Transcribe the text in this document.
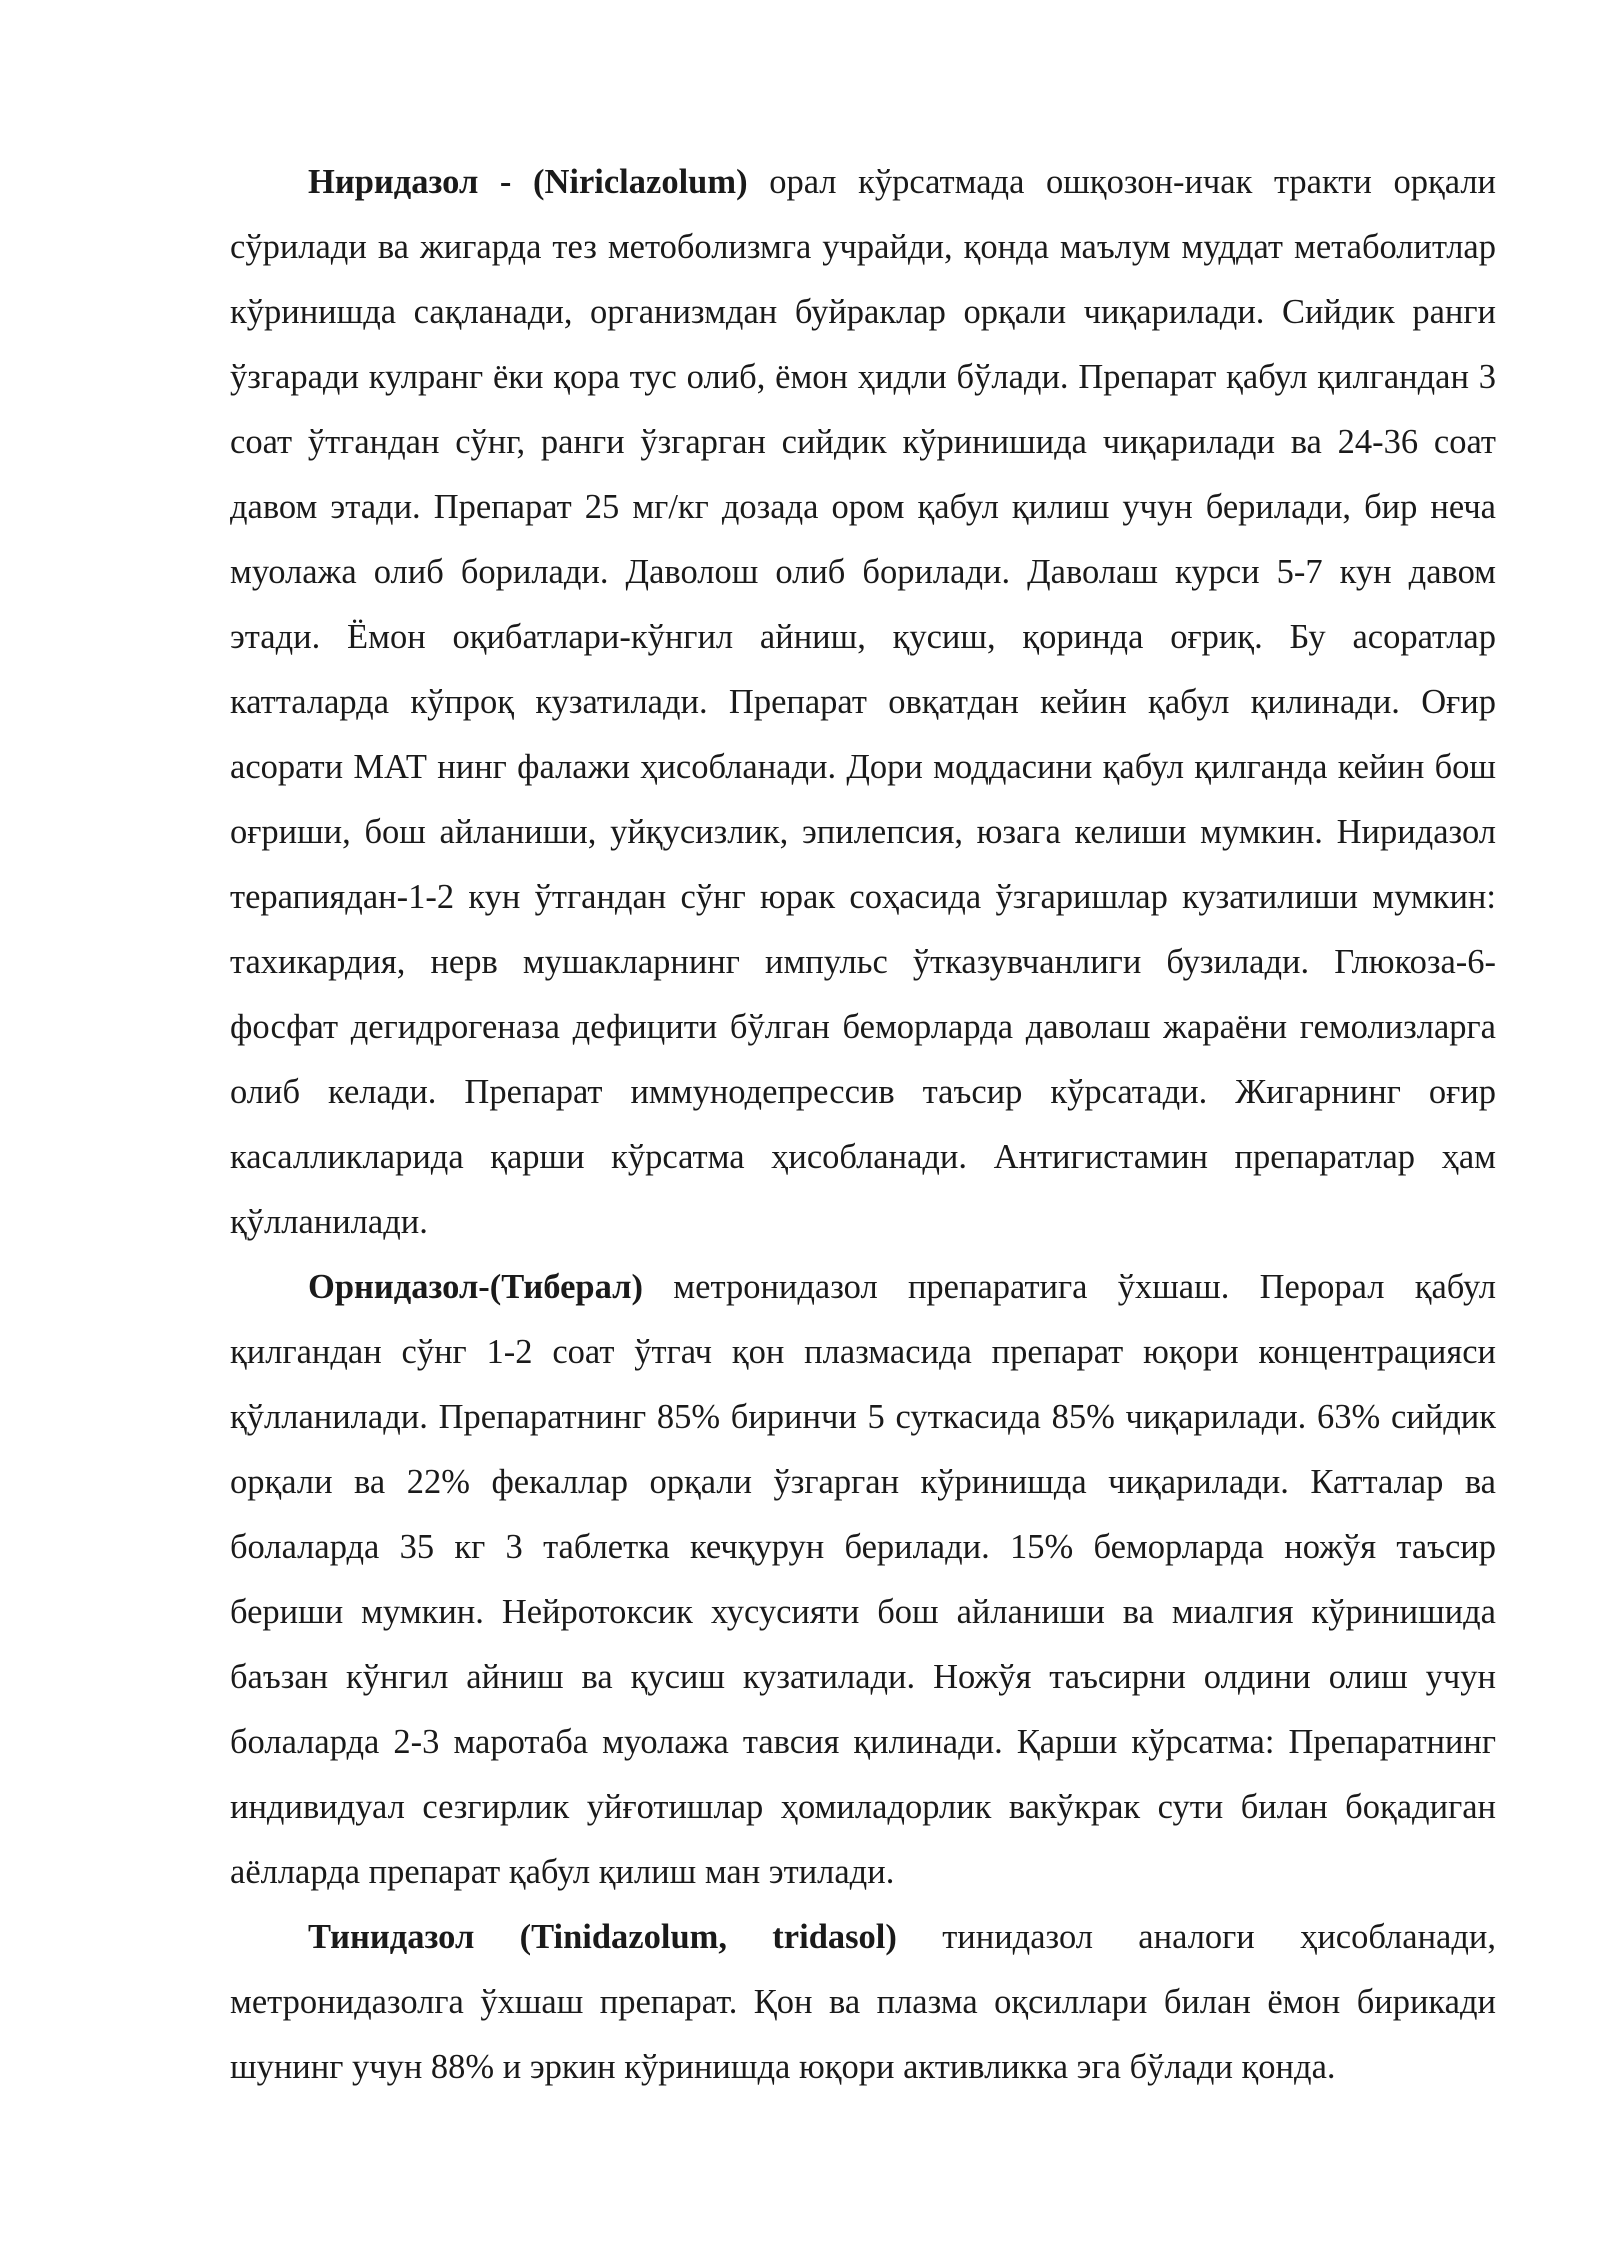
Ниридазол - (Niriclazolum) орал кўрсатмада ошқозон-ичак тракти орқали сўрилади ва жигарда тез метоболизмга учрайди, қонда маълум муддат метаболитлар кўринишда сақланади, организмдан буйраклар орқали чиқарилади. Сийдик ранги ўзгаради кулранг ёки қора тус олиб, ёмон ҳидли бўлади. Препарат қабул қилгандан 3 соат ўтгандан сўнг, ранги ўзгарган сийдик кўринишида чиқарилади ва 24-36 соат давом этади. Препарат 25 мг/кг дозада ором қабул қилиш учун берилади, бир неча муолажа олиб борилади. Даволош олиб борилади. Даволаш курси 5-7 кун давом этади. Ёмон оқибатлари-кўнгил айниш, қусиш, қоринда оғриқ. Бу асоратлар катталарда кўпроқ кузатилади. Препарат овқатдан кейин қабул қилинади. Оғир асорати МАТ нинг фалажи ҳисобланади. Дори моддасини қабул қилганда кейин бош оғриши, бош айланиши, уйқусизлик, эпилепсия, юзага келиши мумкин. Ниридазол терапиядан-1-2 кун ўтгандан сўнг юрак соҳасида ўзгаришлар кузатилиши мумкин: тахикардия, нерв мушакларнинг импульс ўтказувчанлиги бузилади. Глюкоза-6-фосфат дегидрогеназа дефицити бўлган беморларда даволаш жараёни гемолизларга олиб келади. Препарат иммунодепрессив таъсир кўрсатади. Жигарнинг оғир касалликларида қарши кўрсатма ҳисобланади. Антигистамин препаратлар ҳам қўлланилади.

Орнидазол-(Тиберал) метронидазол препаратига ўхшаш. Перорал қабул қилгандан сўнг 1-2 соат ўтгач қон плазмасида препарат юқори концентрацияси қўлланилади. Препаратнинг 85% биринчи 5 суткасида 85% чиқарилади. 63% сийдик орқали ва 22% фекаллар орқали ўзгарган кўринишда чиқарилади. Катталар ва болаларда 35 кг 3 таблетка кечқурун берилади. 15% беморларда ножўя таъсир бериши мумкин. Нейротоксик хусусияти бош айланиши ва миалгия кўринишида баъзан кўнгил айниш ва қусиш кузатилади. Ножўя таъсирни олдини олиш учун болаларда 2-3 маротаба муолажа тавсия қилинади. Қарши кўрсатма: Препаратнинг индивидуал сезгирлик уйғотишлар ҳомиладорлик вакўкрак сути билан боқадиган аёлларда препарат қабул қилиш ман этилади.

Тинидазол (Tinidazolum, tridasol) тинидазол аналоги ҳисобланади, метронидазолга ўхшаш препарат. Қон ва плазма оқсиллари билан ёмон бирикади шунинг учун 88% и эркин кўринишда юқори активликка эга бўлади қонда.
